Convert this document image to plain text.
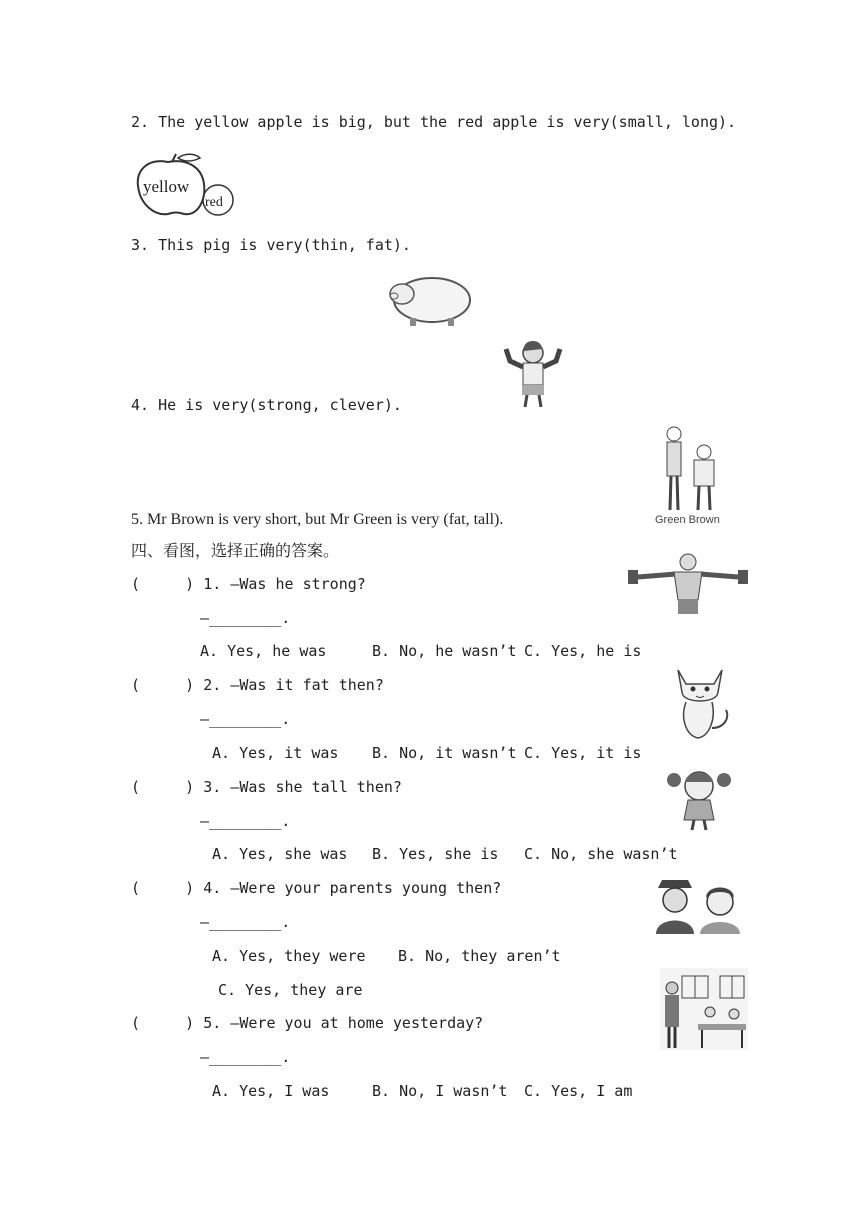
2. The yellow apple is big, but the red apple is very(small, long).
yellow
red
3. This pig is very(thin, fat).
4. He is very(strong, clever).
Green Brown
5. Mr Brown is very short, but Mr Green is very (fat, tall).
四、看图，选择正确的答案。
(     ) 1. —Was he strong?
—________.
A. Yes, he was	B. No, he wasn’t C. Yes, he is
(     ) 2. —Was it fat then?
—________.
A. Yes, it was B. No, it wasn’t C. Yes, it is
(     ) 3. —Was she tall then?
—________.
A. Yes, she was B. Yes, she is C. No, she wasn’t
(     ) 4. —Were your parents young then?
—________.
A. Yes, they were B. No, they aren’t
C. Yes, they are
(     ) 5. —Were you at home yesterday?
—________.
A. Yes, I was	B. No, I wasn’t C. Yes, I am
